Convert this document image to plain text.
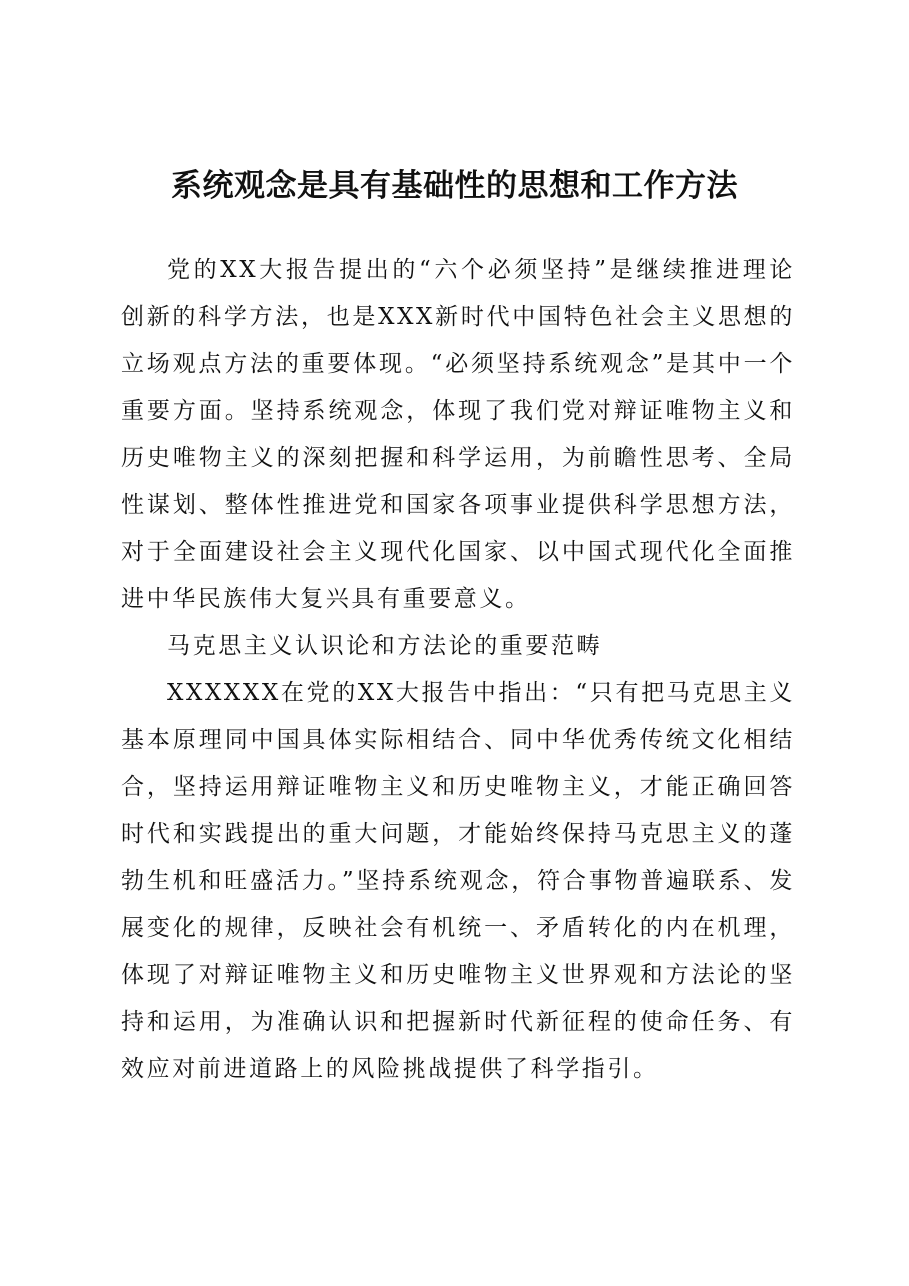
系统观念是具有基础性的思想和工作方法

党的XX大报告提出的“六个必须坚持”是继续推进理论创新的科学方法，也是XXX新时代中国特色社会主义思想的立场观点方法的重要体现。“必须坚持系统观念”是其中一个重要方面。坚持系统观念，体现了我们党对辩证唯物主义和历史唯物主义的深刻把握和科学运用，为前瞻性思考、全局性谋划、整体性推进党和国家各项事业提供科学思想方法，对于全面建设社会主义现代化国家、以中国式现代化全面推进中华民族伟大复兴具有重要意义。

马克思主义认识论和方法论的重要范畴

XXXXXX在党的XX大报告中指出：“只有把马克思主义基本原理同中国具体实际相结合、同中华优秀传统文化相结合，坚持运用辩证唯物主义和历史唯物主义，才能正确回答时代和实践提出的重大问题，才能始终保持马克思主义的蓬勃生机和旺盛活力。”坚持系统观念，符合事物普遍联系、发展变化的规律，反映社会有机统一、矛盾转化的内在机理，体现了对辩证唯物主义和历史唯物主义世界观和方法论的坚持和运用，为准确认识和把握新时代新征程的使命任务、有效应对前进道路上的风险挑战提供了科学指引。
